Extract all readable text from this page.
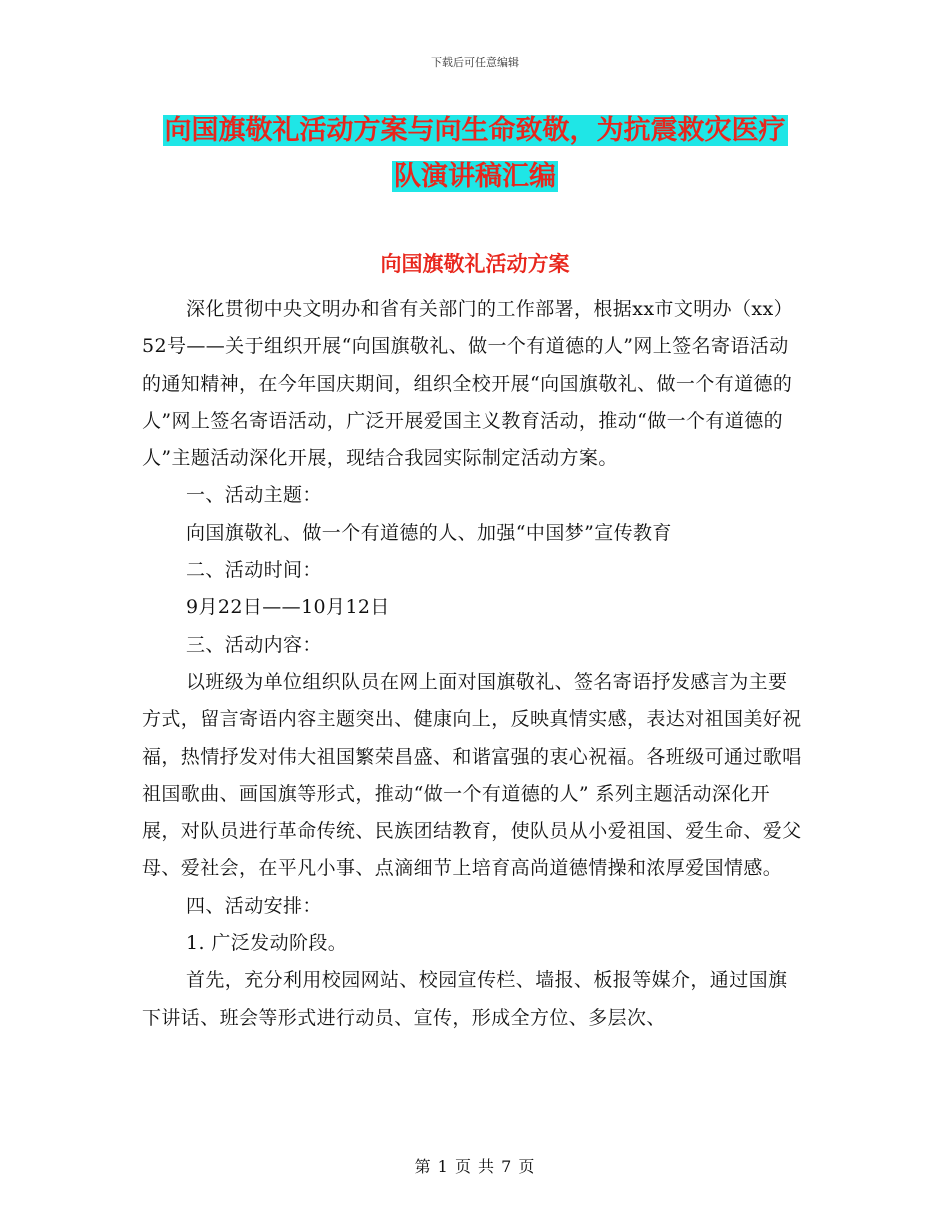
下载后可任意编辑
向国旗敬礼活动方案与向生命致敬，为抗震救灾医疗
队演讲稿汇编
向国旗敬礼活动方案

深化贯彻中央文明办和省有关部门的工作部署，根据xx市文明办（xx）52号——关于组织开展“向国旗敬礼、做一个有道德的人”网上签名寄语活动的通知精神，在今年国庆期间，组织全校开展“向国旗敬礼、做一个有道德的人”网上签名寄语活动，广泛开展爱国主义教育活动，推动“做一个有道德的人”主题活动深化开展，现结合我园实际制定活动方案。

一、活动主题：

向国旗敬礼、做一个有道德的人、加强“中国梦”宣传教育

二、活动时间：

9月22日——10月12日

三、活动内容：

以班级为单位组织队员在网上面对国旗敬礼、签名寄语抒发感言为主要方式，留言寄语内容主题突出、健康向上，反映真情实感，表达对祖国美好祝福，热情抒发对伟大祖国繁荣昌盛、和谐富强的衷心祝福。各班级可通过歌唱祖国歌曲、画国旗等形式，推动“做一个有道德的人” 系列主题活动深化开展，对队员进行革命传统、民族团结教育，使队员从小爱祖国、爱生命、爱父母、爱社会，在平凡小事、点滴细节上培育高尚道德情操和浓厚爱国情感。

四、活动安排：

1. 广泛发动阶段。

首先，充分利用校园网站、校园宣传栏、墙报、板报等媒介，通过国旗下讲话、班会等形式进行动员、宣传，形成全方位、多层次、

第 1 页 共 7 页
